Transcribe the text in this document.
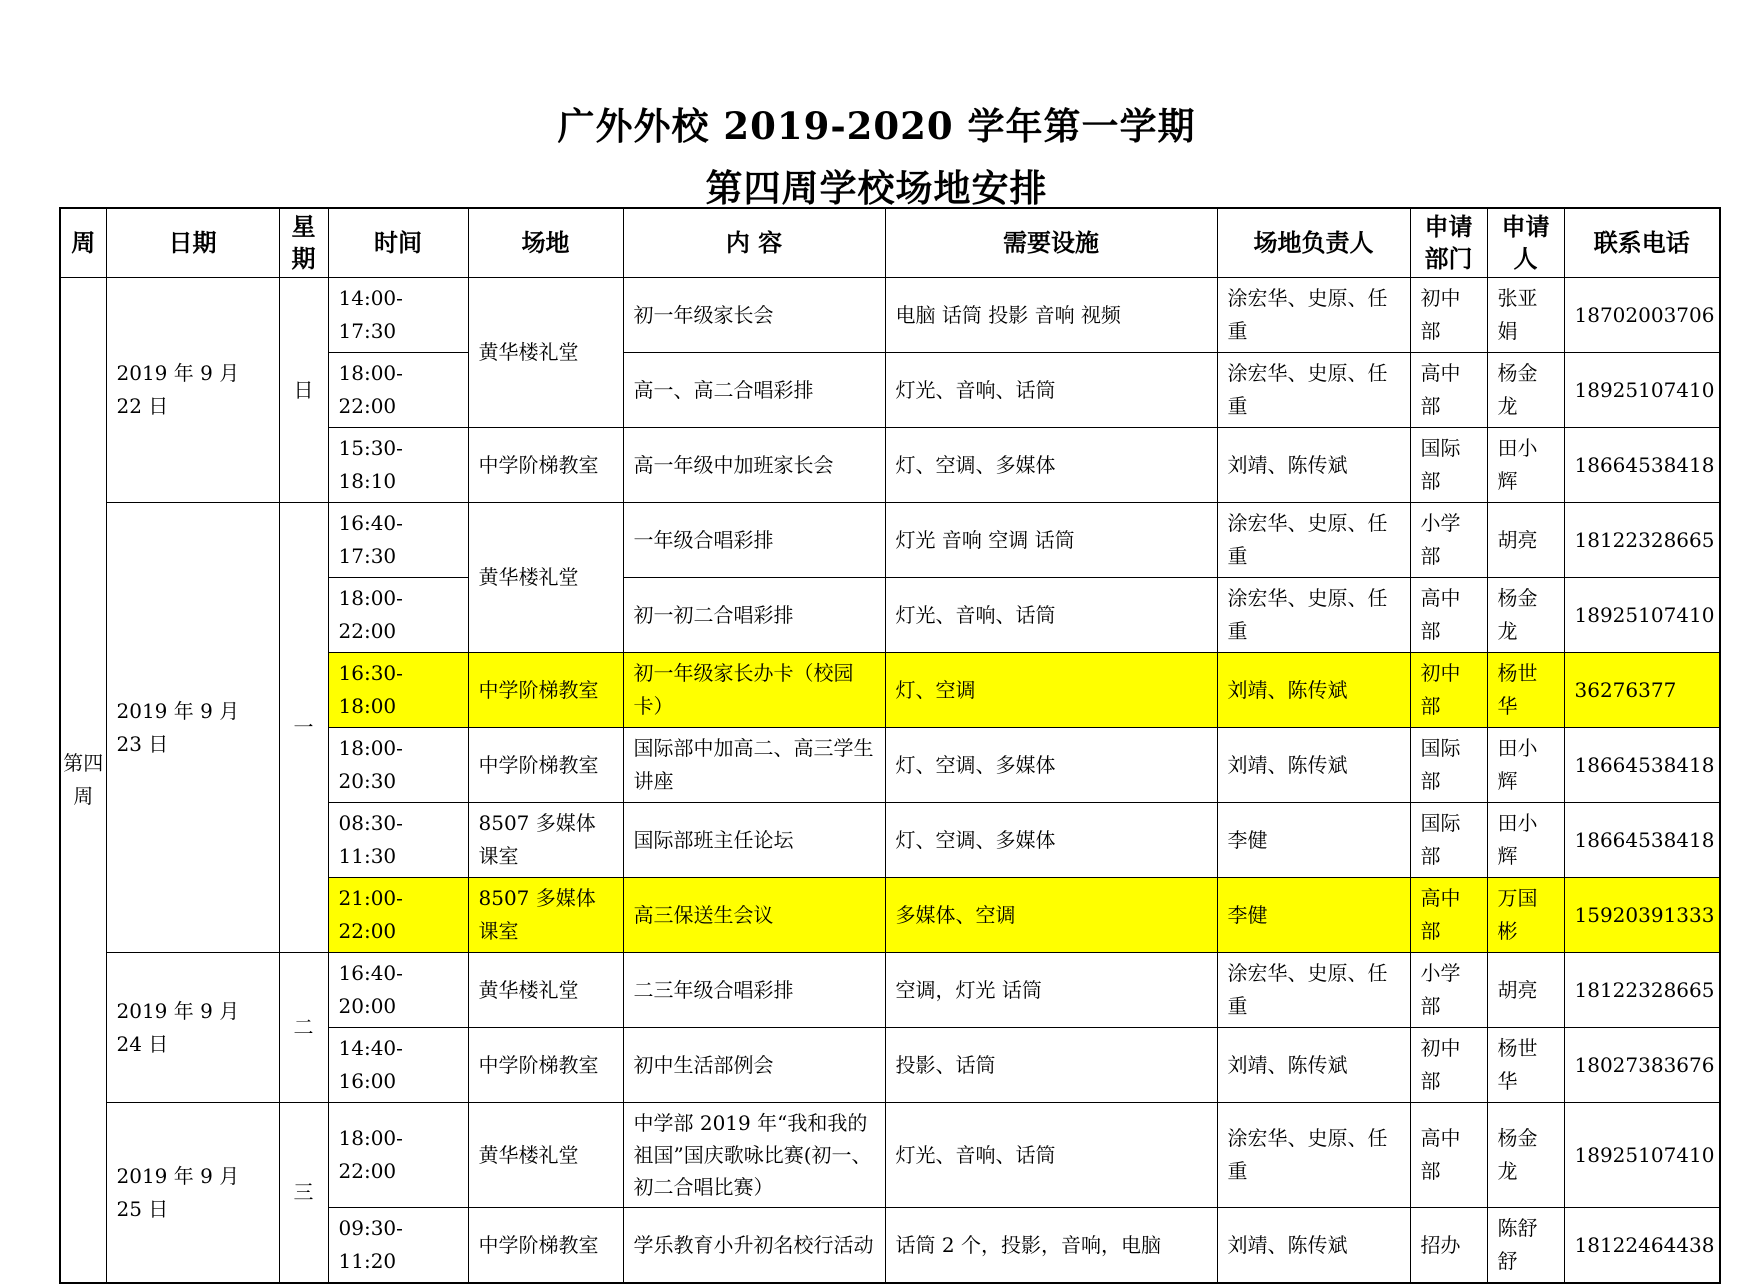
广外外校 2019-2020 学年第一学期
第四周学校场地安排
周	日期	星期	时间	场地	内 容	需要设施	场地负责人	申请部门	申请人	联系电话
第四周	2019 年 9 月 22 日	日	14:00-17:30	黄华楼礼堂	初一年级家长会	电脑 话筒 投影 音响 视频	涂宏华、史原、任重	初中部	张亚娟	18702003706
			18:00-22:00		高一、高二合唱彩排	灯光、音响、话筒	涂宏华、史原、任重	高中部	杨金龙	18925107410
			15:30-18:10	中学阶梯教室	高一年级中加班家长会	灯、空调、多媒体	刘靖、陈传斌	国际部	田小辉	18664538418
	2019 年 9 月 23 日	一	16:40-17:30	黄华楼礼堂	一年级合唱彩排	灯光 音响 空调 话筒	涂宏华、史原、任重	小学部	胡亮	18122328665
			18:00-22:00		初一初二合唱彩排	灯光、音响、话筒	涂宏华、史原、任重	高中部	杨金龙	18925107410
			16:30-18:00	中学阶梯教室	初一年级家长办卡（校园卡）	灯、空调	刘靖、陈传斌	初中部	杨世华	36276377
			18:00-20:30	中学阶梯教室	国际部中加高二、高三学生讲座	灯、空调、多媒体	刘靖、陈传斌	国际部	田小辉	18664538418
			08:30-11:30	8507 多媒体课室	国际部班主任论坛	灯、空调、多媒体	李健	国际部	田小辉	18664538418
			21:00-22:00	8507 多媒体课室	高三保送生会议	多媒体、空调	李健	高中部	万国彬	15920391333
	2019 年 9 月 24 日	二	16:40-20:00	黄华楼礼堂	二三年级合唱彩排	空调，灯光 话筒	涂宏华、史原、任重	小学部	胡亮	18122328665
			14:40-16:00	中学阶梯教室	初中生活部例会	投影、话筒	刘靖、陈传斌	初中部	杨世华	18027383676
	2019 年 9 月 25 日	三	18:00-22:00	黄华楼礼堂	中学部 2019 年“我和我的祖国”国庆歌咏比赛(初一、初二合唱比赛）	灯光、音响、话筒	涂宏华、史原、任重	高中部	杨金龙	18925107410
			09:30-11:20	中学阶梯教室	学乐教育小升初名校行活动	话筒 2 个，投影，音响，电脑	刘靖、陈传斌	招办	陈舒舒	18122464438
